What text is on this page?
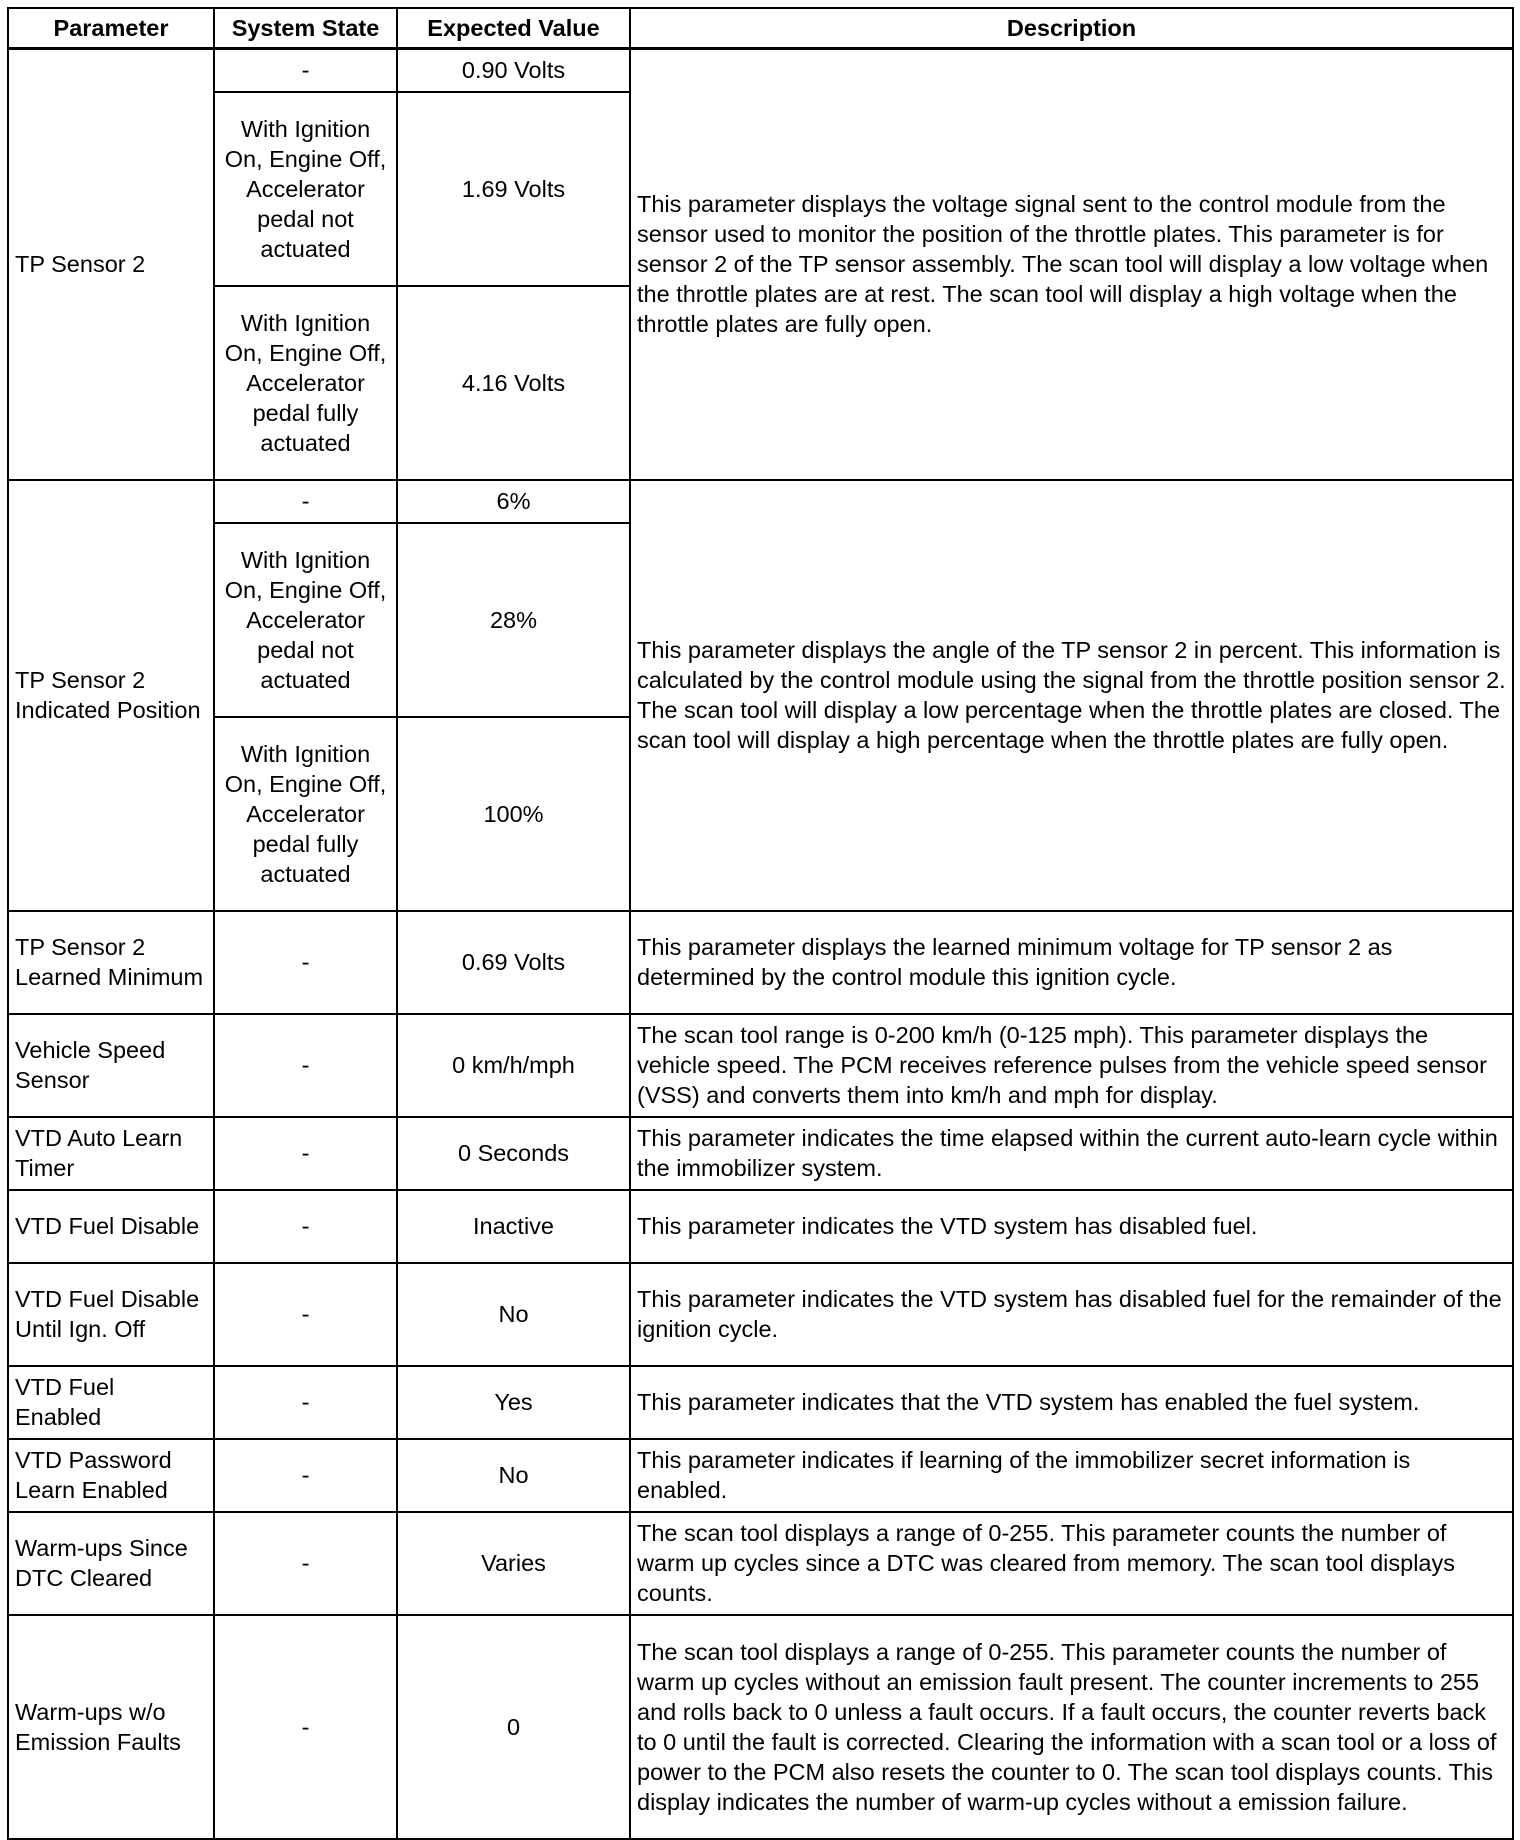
Parameter	System State	Expected Value	Description
TP Sensor 2	-	0.90 Volts	This parameter displays the voltage signal sent to the control module from the sensor used to monitor the position of the throttle plates. This parameter is for sensor 2 of the TP sensor assembly. The scan tool will display a low voltage when the throttle plates are at rest. The scan tool will display a high voltage when the throttle plates are fully open.
	With Ignition On, Engine Off, Accelerator pedal not actuated	1.69 Volts	
	With Ignition On, Engine Off, Accelerator pedal fully actuated	4.16 Volts	
TP Sensor 2 Indicated Position	-	6%	This parameter displays the angle of the TP sensor 2 in percent. This information is calculated by the control module using the signal from the throttle position sensor 2. The scan tool will display a low percentage when the throttle plates are closed. The scan tool will display a high percentage when the throttle plates are fully open.
	With Ignition On, Engine Off, Accelerator pedal not actuated	28%	
	With Ignition On, Engine Off, Accelerator pedal fully actuated	100%	
TP Sensor 2 Learned Minimum	-	0.69 Volts	This parameter displays the learned minimum voltage for TP sensor 2 as determined by the control module this ignition cycle.
Vehicle Speed Sensor	-	0 km/h/mph	The scan tool range is 0-200 km/h (0-125 mph). This parameter displays the vehicle speed. The PCM receives reference pulses from the vehicle speed sensor (VSS) and converts them into km/h and mph for display.
VTD Auto Learn Timer	-	0 Seconds	This parameter indicates the time elapsed within the current auto-learn cycle within the immobilizer system.
VTD Fuel Disable	-	Inactive	This parameter indicates the VTD system has disabled fuel.
VTD Fuel Disable Until Ign. Off	-	No	This parameter indicates the VTD system has disabled fuel for the remainder of the ignition cycle.
VTD Fuel Enabled	-	Yes	This parameter indicates that the VTD system has enabled the fuel system.
VTD Password Learn Enabled	-	No	This parameter indicates if learning of the immobilizer secret information is enabled.
Warm-ups Since DTC Cleared	-	Varies	The scan tool displays a range of 0-255. This parameter counts the number of warm up cycles since a DTC was cleared from memory. The scan tool displays counts.
Warm-ups w/o Emission Faults	-	0	The scan tool displays a range of 0-255. This parameter counts the number of warm up cycles without an emission fault present. The counter increments to 255 and rolls back to 0 unless a fault occurs. If a fault occurs, the counter reverts back to 0 until the fault is corrected. Clearing the information with a scan tool or a loss of power to the PCM also resets the counter to 0. The scan tool displays counts. This display indicates the number of warm-up cycles without a emission failure.
